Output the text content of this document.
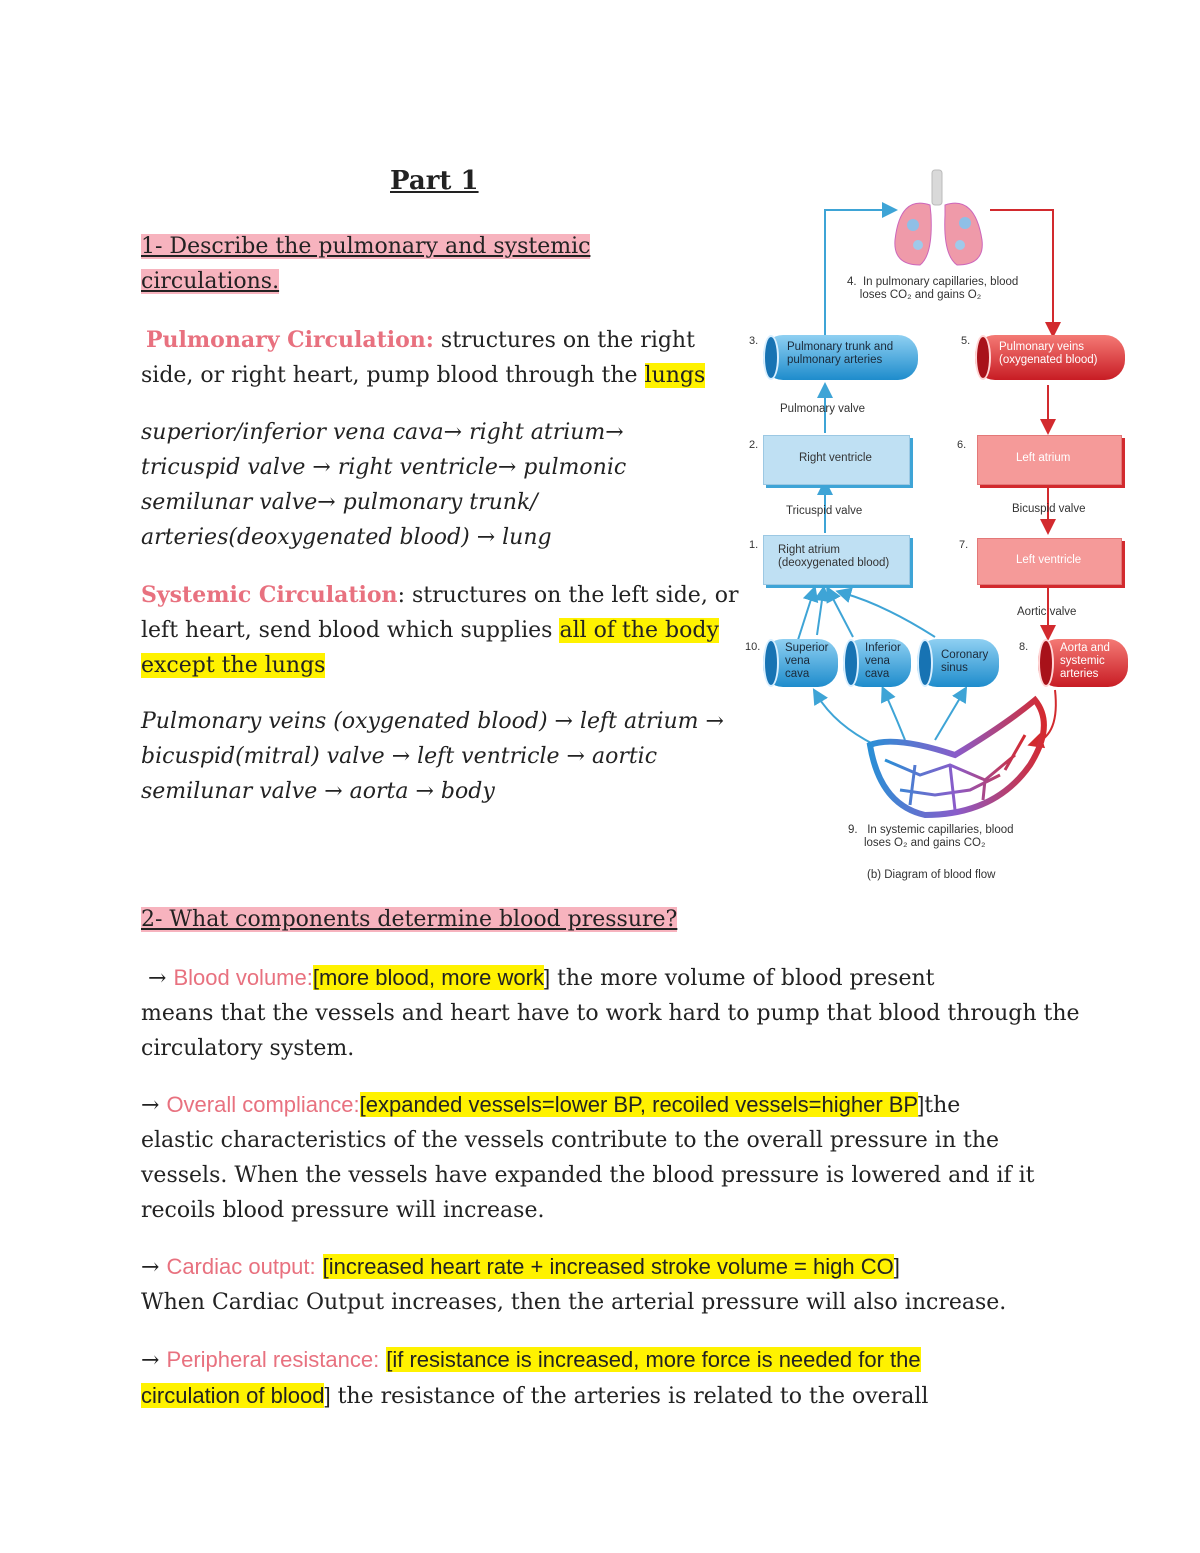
Part 1

1- Describe the pulmonary and systemic
circulations.

Pulmonary Circulation: structures on the right

side, or right heart, pump blood through the lungs

superior/inferior vena cava→ right atrium→
tricuspid valve → right ventricle→ pulmonic
semilunar valve→ pulmonary trunk/
arteries(deoxygenated blood) → lung

Systemic Circulation: structures on the left side, or
left heart, send blood which supplies all of the body
except the lungs

Pulmonary veins (oxygenated blood) → left atrium →
bicuspid(mitral) valve → left ventricle → aortic
semilunar valve → aorta → body

4. In pulmonary capillaries, blood
loses CO₂ and gains O₂
3.	Pulmonary trunk and
pulmonary arteries
5.	Pulmonary veins
(oxygenated blood)
Pulmonary valve
2.
Right ventricle
6.
Left atrium
Tricuspid valve	Bicuspid valve
1.	Right atrium
(deoxygenated blood)
7.
Left ventricle
Aortic valve
10.	Superior
vena
cava
Inferior
vena
cava
Coronary
sinus
8.	Aorta and
systemic
arteries
9. In systemic capillaries, blood
loses O₂ and gains CO₂
(b) Diagram of blood flow

2- What components determine blood pressure?

→ Blood volume:[more blood, more work] the more volume of blood present
means that the vessels and heart have to work hard to pump that blood through the
circulatory system.

→ Overall compliance:[expanded vessels=lower BP, recoiled vessels=higher BP]the
elastic characteristics of the vessels contribute to the overall pressure in the
vessels. When the vessels have expanded the blood pressure is lowered and if it
recoils blood pressure will increase.

→ Cardiac output: [increased heart rate + increased stroke volume = high CO]
When Cardiac Output increases, then the arterial pressure will also increase.

→ Peripheral resistance: [if resistance is increased, more force is needed for the
circulation of blood] the resistance of the arteries is related to the overall
